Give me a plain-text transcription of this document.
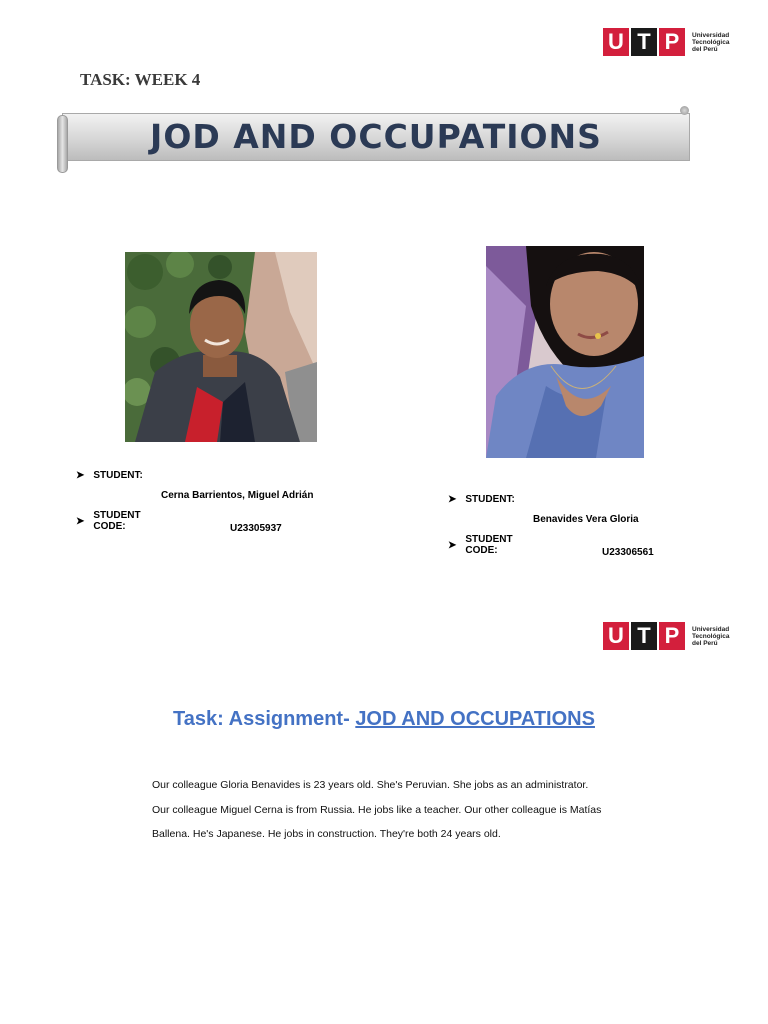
U T P	Universidad
Tecnológica
del Perú
TASK: WEEK 4
JOD AND OCCUPATIONS
➤ STUDENT:
Cerna Barrientos, Miguel Adrián
➤ STUDENT CODE:	U23305937
➤ STUDENT:
Benavides Vera Gloria
➤ STUDENT CODE:	U23306561
U T P	Universidad
Tecnológica
del Perú
Task: Assignment- JOD AND OCCUPATIONS

Our colleague Gloria Benavides is 23 years old. She's Peruvian. She jobs as an administrator.

Our colleague Miguel Cerna is from Russia. He jobs like a teacher. Our other colleague is Matías

Ballena. He's Japanese. He jobs in construction. They're both 24 years old.
